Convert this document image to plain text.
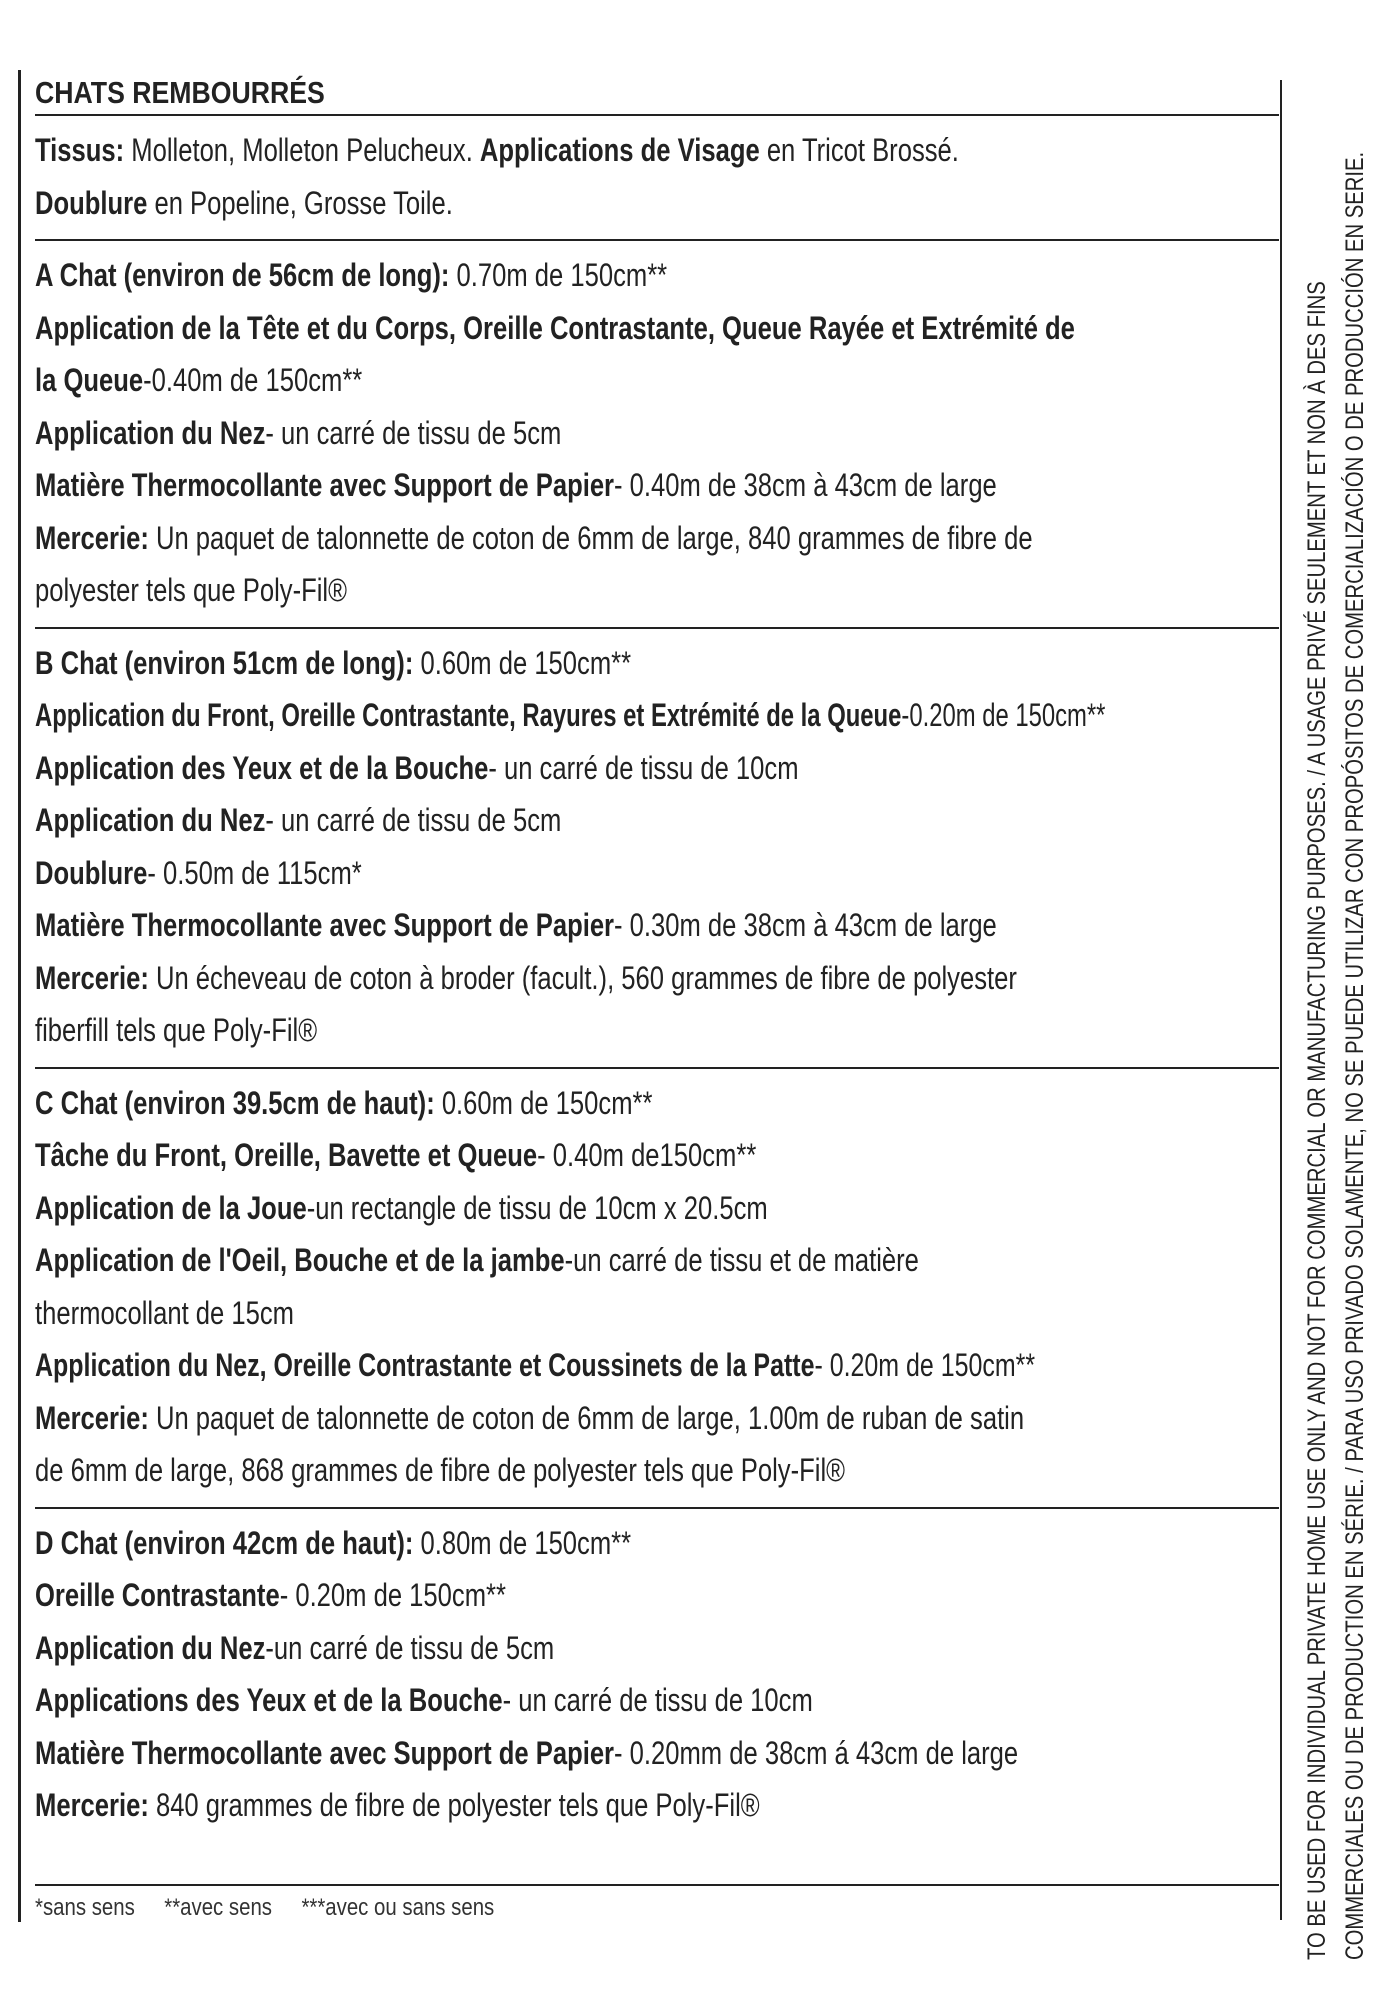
CHATS REMBOURRÉS
Tissus: Molleton, Molleton Pelucheux. Applications de Visage en Tricot Brossé.
Doublure en Popeline, Grosse Toile.
A Chat (environ de 56cm de long): 0.70m de 150cm**
Application de la Tête et du Corps, Oreille Contrastante, Queue Rayée et Extrémité de
la Queue-0.40m de 150cm**
Application du Nez- un carré de tissu de 5cm
Matière Thermocollante avec Support de Papier- 0.40m de 38cm à 43cm de large
Mercerie: Un paquet de talonnette de coton de 6mm de large, 840 grammes de fibre de
polyester tels que Poly-Fil®
B Chat (environ 51cm de long): 0.60m de 150cm**
Application du Front, Oreille Contrastante, Rayures et Extrémité de la Queue-0.20m de 150cm**
Application des Yeux et de la Bouche- un carré de tissu de 10cm
Application du Nez- un carré de tissu de 5cm
Doublure- 0.50m de 115cm*
Matière Thermocollante avec Support de Papier- 0.30m de 38cm à 43cm de large
Mercerie: Un écheveau de coton à broder (facult.), 560 grammes de fibre de polyester
fiberfill tels que Poly-Fil®
C Chat (environ 39.5cm de haut): 0.60m de 150cm**
Tâche du Front, Oreille, Bavette et Queue- 0.40m de150cm**
Application de la Joue-un rectangle de tissu de 10cm x 20.5cm
Application de l'Oeil, Bouche et de la jambe-un carré de tissu et de matière
thermocollant de 15cm
Application du Nez, Oreille Contrastante et Coussinets de la Patte- 0.20m de 150cm**
Mercerie: Un paquet de talonnette de coton de 6mm de large, 1.00m de ruban de satin
de 6mm de large, 868 grammes de fibre de polyester tels que Poly-Fil®
D Chat (environ 42cm de haut): 0.80m de 150cm**
Oreille Contrastante- 0.20m de 150cm**
Application du Nez-un carré de tissu de 5cm
Applications des Yeux et de la Bouche- un carré de tissu de 10cm
Matière Thermocollante avec Support de Papier- 0.20mm de 38cm á 43cm de large
Mercerie: 840 grammes de fibre de polyester tels que Poly-Fil®
*sans sens **avec sens ***avec ou sans sens	TO BE USED FOR INDIVIDUAL PRIVATE HOME USE ONLY AND NOT FOR COMMERCIAL OR MANUFACTURING PURPOSES. / A USAGE PRIVÉ SEULEMENT ET NON À DES FINS COMMERCIALES OU DE PRODUCTION EN SÉRIE. / PARA USO PRIVADO SOLAMENTE, NO SE PUEDE UTILIZAR CON PROPÓSITOS DE COMERCIALIZACIÓN O DE PRODUCCIÓN EN SERIE.
